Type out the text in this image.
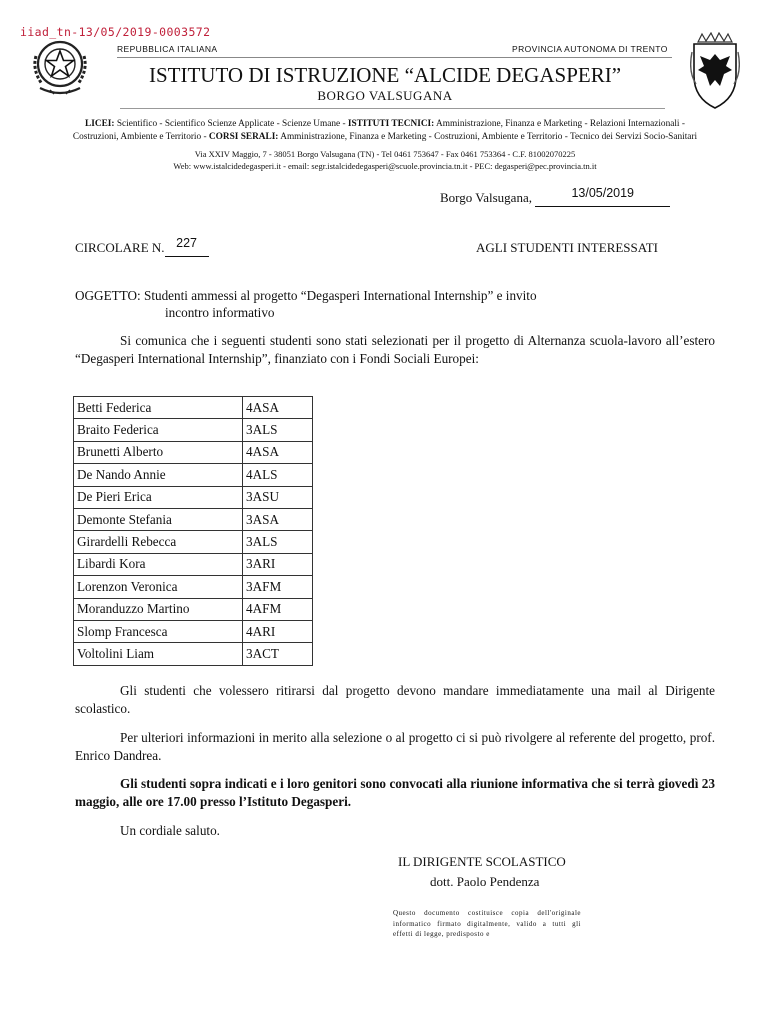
iiad_tn-13/05/2019-0003572
REPUBBLICA ITALIANA	PROVINCIA AUTONOMA DI TRENTO
ISTITUTO DI ISTRUZIONE “ALCIDE DEGASPERI”
BORGO VALSUGANA
LICEI: Scientifico - Scientifico Scienze Applicate - Scienze Umane - ISTITUTI TECNICI: Amministrazione, Finanza e Marketing - Relazioni Internazionali -
Costruzioni, Ambiente e Territorio - CORSI SERALI: Amministrazione, Finanza e Marketing - Costruzioni, Ambiente e Territorio - Tecnico dei Servizi Socio-Sanitari
Via XXIV Maggio, 7 - 38051 Borgo Valsugana (TN) - Tel 0461 753647 - Fax 0461 753364 - C.F. 81002070225
Web: www.istalcidedegasperi.it - email: segr.istalcidedegasperi@scuole.provincia.tn.it - PEC: degasperi@pec.provincia.tn.it
Borgo Valsugana,	13/05/2019
CIRCOLARE N. 227	AGLI STUDENTI INTERESSATI
OGGETTO: Studenti ammessi al progetto “Degasperi International Internship” e invito
incontro informativo
Si comunica che i seguenti studenti sono stati selezionati per il progetto di Alternanza scuola-lavoro all’estero “Degasperi International Internship”, finanziato con i Fondi Sociali Europei:
Betti Federica	4ASA
Braito Federica	3ALS
Brunetti Alberto	4ASA
De Nando Annie	4ALS
De Pieri Erica	3ASU
Demonte Stefania	3ASA
Girardelli Rebecca	3ALS
Libardi Kora	3ARI
Lorenzon Veronica	3AFM
Moranduzzo Martino	4AFM
Slomp Francesca	4ARI
Voltolini Liam	3ACT
Gli studenti che volessero ritirarsi dal progetto devono mandare immediatamente una mail al Dirigente scolastico.
Per ulteriori informazioni in merito alla selezione o al progetto ci si può rivolgere al referente del progetto, prof. Enrico Dandrea.
Gli studenti sopra indicati e i loro genitori sono convocati alla riunione informativa che si terrà giovedì 23 maggio, alle ore 17.00 presso l’Istituto Degasperi.
Un cordiale saluto.
IL DIRIGENTE SCOLASTICO
dott. Paolo Pendenza
Questo documento costituisce copia dell'originale informatico firmato digitalmente, valido a tutti gli effetti di legge, predisposto e
